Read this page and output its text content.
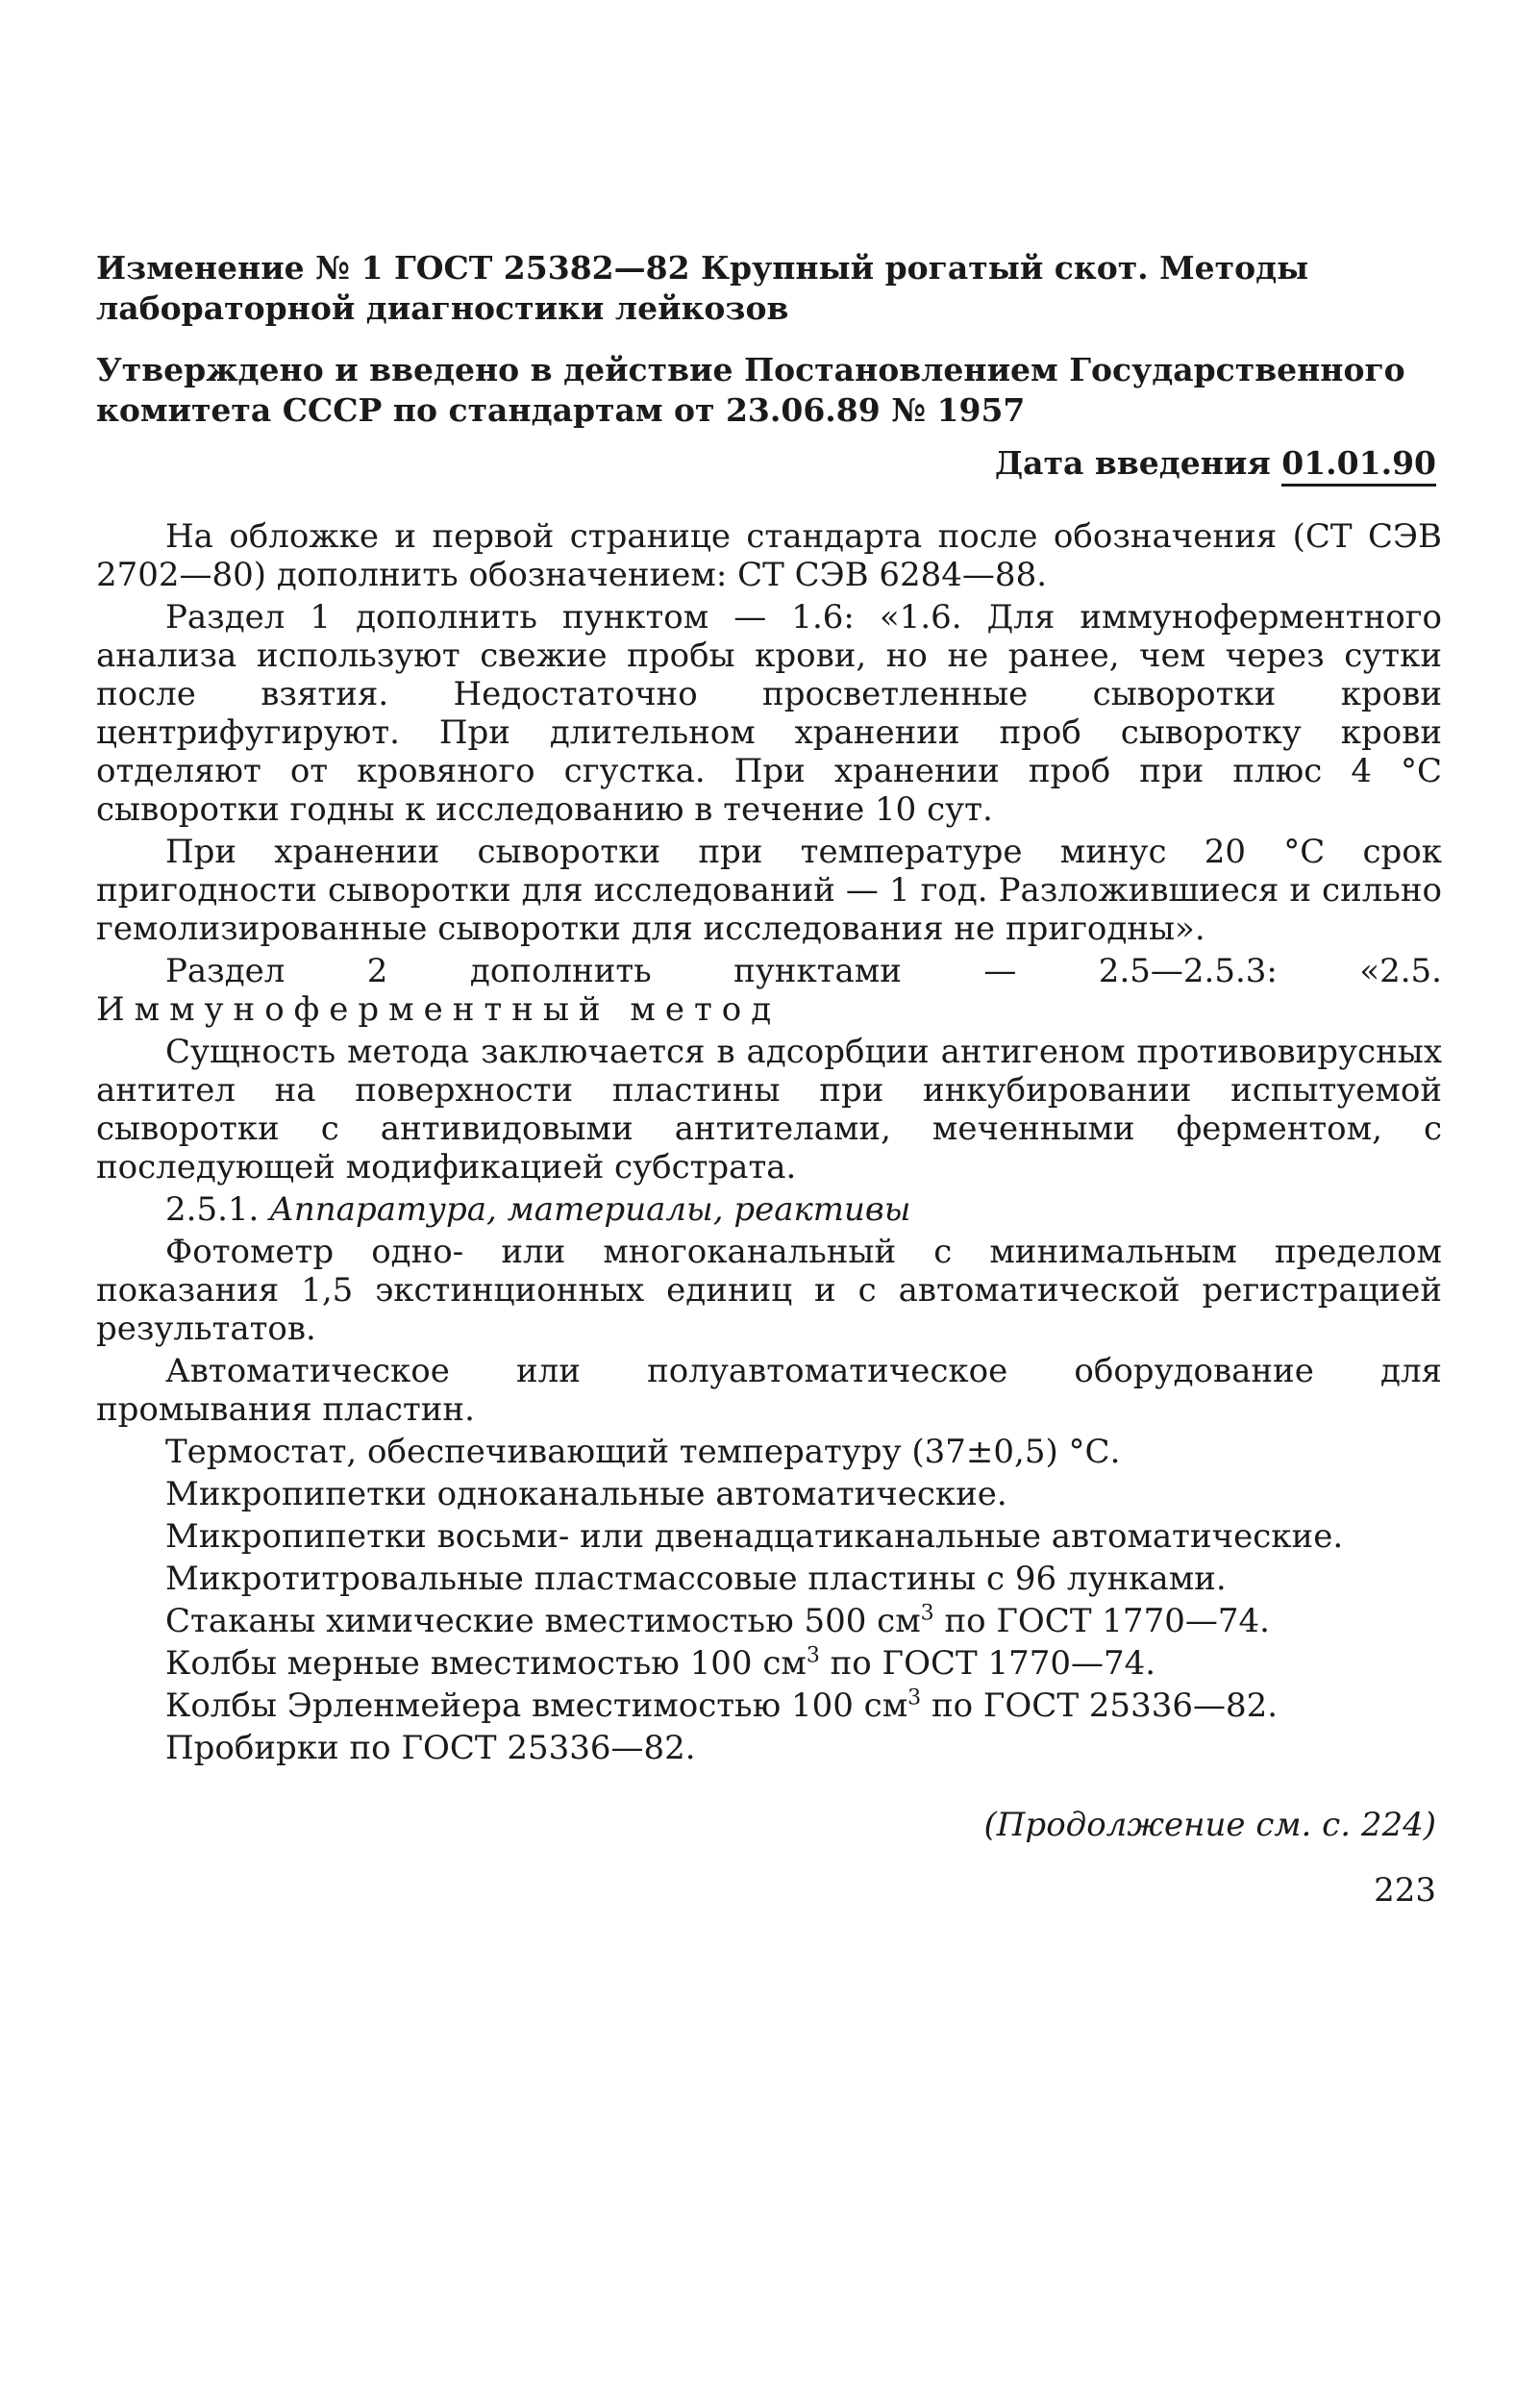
Изменение № 1 ГОСТ 25382—82 Крупный рогатый скот. Методы лабораторной диагностики лейкозов

Утверждено и введено в действие Постановлением Государственного комитета СССР по стандартам от 23.06.89 № 1957

Дата введения 01.01.90

На обложке и первой странице стандарта после обозначения (СТ СЭВ 2702—80) дополнить обозначением: СТ СЭВ 6284—88.

Раздел 1 дополнить пунктом — 1.6: «1.6. Для иммуноферментного анализа используют свежие пробы крови, но не ранее, чем через сутки после взятия. Недостаточно просветленные сыворотки крови центрифугируют. При длительном хранении проб сыворотку крови отделяют от кровяного сгустка. При хранении проб при плюс 4 °С сыворотки годны к исследованию в течение 10 сут.

При хранении сыворотки при температуре минус 20 °С срок пригодности сыворотки для исследований — 1 год. Разложившиеся и сильно гемолизированные сыворотки для исследования не пригодны».

Раздел 2 дополнить пунктами — 2.5—2.5.3: «2.5. Иммуноферментный метод

Сущность метода заключается в адсорбции антигеном противовирусных антител на поверхности пластины при инкубировании испытуемой сыворотки с антивидовыми антителами, меченными ферментом, с последующей модификацией субстрата.

2.5.1. Аппаратура, материалы, реактивы

Фотометр одно- или многоканальный с минимальным пределом показания 1,5 экстинционных единиц и с автоматической регистрацией результатов.

Автоматическое или полуавтоматическое оборудование для промывания пластин.

Термостат, обеспечивающий температуру (37±0,5) °С.

Микропипетки одноканальные автоматические.

Микропипетки восьми- или двенадцатиканальные автоматические.

Микротитровальные пластмассовые пластины с 96 лунками.

Стаканы химические вместимостью 500 $см^3$ по ГОСТ 1770—74.

Колбы мерные вместимостью 100 $см^3$ по ГОСТ 1770—74.

Колбы Эрленмейера вместимостью 100 $см^3$ по ГОСТ 25336—82.

Пробирки по ГОСТ 25336—82.

(Продолжение см. с. 224)
223
